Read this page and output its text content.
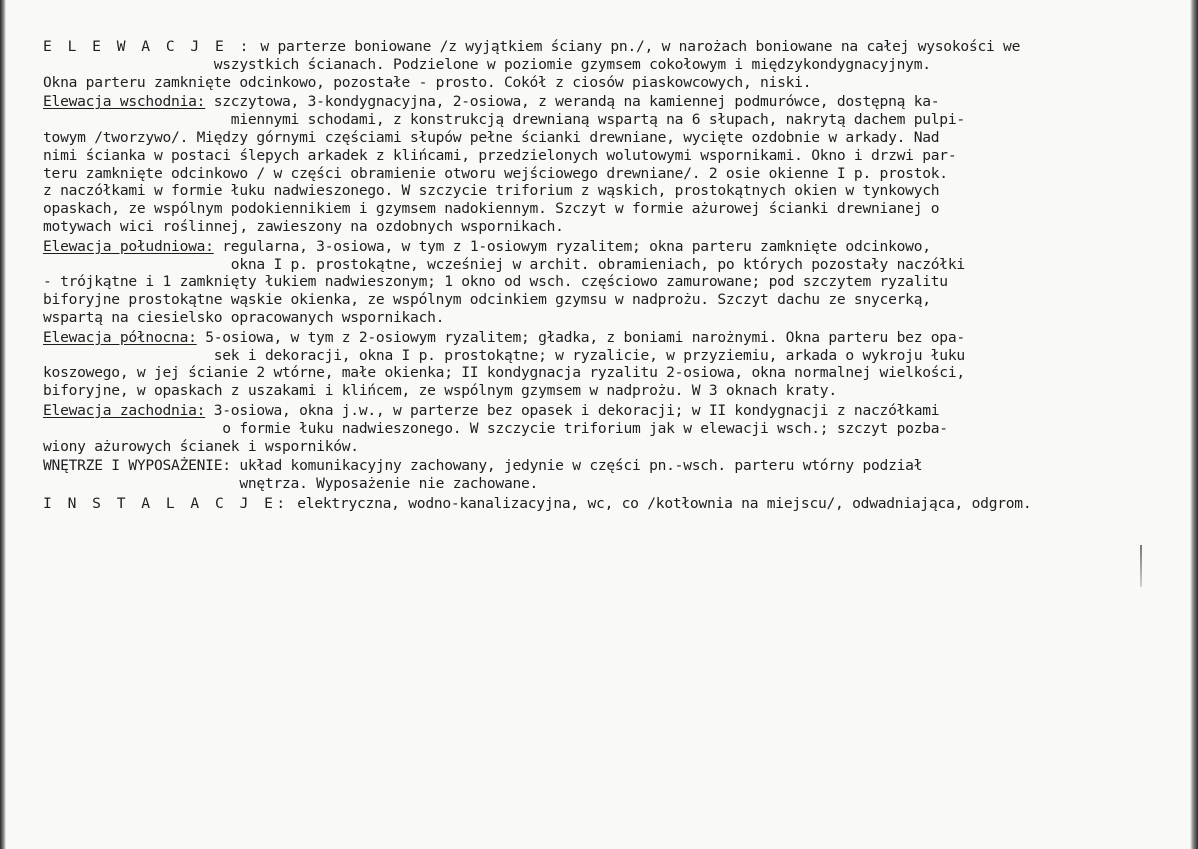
E L E W A C J E : w parterze boniowane /z wyjątkiem ściany pn./, w narożach boniowane na całej wysokości we
wszystkich ścianach. Podzielone w poziomie gzymsem cokołowym i międzykondygnacyjnym.
Okna parteru zamknięte odcinkowo, pozostałe - prosto. Cokół z ciosów piaskowcowych, niski.
Elewacja wschodnia: szczytowa, 3-kondygnacyjna, 2-osiowa, z werandą na kamiennej podmurówce, dostępną ka-
miennymi schodami, z konstrukcją drewnianą wspartą na 6 słupach, nakrytą dachem pulpi-
towym /tworzywo/. Między górnymi częściami słupów pełne ścianki drewniane, wycięte ozdobnie w arkady. Nad
nimi ścianka w postaci ślepych arkadek z klińcami, przedzielonych wolutowymi wspornikami. Okno i drzwi par-
teru zamknięte odcinkowo / w części obramienie otworu wejściowego drewniane/. 2 osie okienne I p. prostok.
z naczółkami w formie łuku nadwieszonego. W szczycie triforium z wąskich, prostokątnych okien w tynkowych
opaskach, ze wspólnym podokiennikiem i gzymsem nadokiennym. Szczyt w formie ażurowej ścianki drewnianej o
motywach wici roślinnej, zawieszony na ozdobnych wspornikach.
Elewacja południowa: regularna, 3-osiowa, w tym z 1-osiowym ryzalitem; okna parteru zamknięte odcinkowo,
okna I p. prostokątne, wcześniej w archit. obramieniach, po których pozostały naczółki
- trójkątne i 1 zamknięty łukiem nadwieszonym; 1 okno od wsch. częściowo zamurowane; pod szczytem ryzalitu
biforyjne prostokątne wąskie okienka, ze wspólnym odcinkiem gzymsu w nadprożu. Szczyt dachu ze snycerką,
wspartą na ciesielsko opracowanych wspornikach.
Elewacja północna: 5-osiowa, w tym z 2-osiowym ryzalitem; gładka, z boniami narożnymi. Okna parteru bez opa-
sek i dekoracji, okna I p. prostokątne; w ryzalicie, w przyziemiu, arkada o wykroju łuku
koszowego, w jej ścianie 2 wtórne, małe okienka; II kondygnacja ryzalitu 2-osiowa, okna normalnej wielkości,
biforyjne, w opaskach z uszakami i klińcem, ze wspólnym gzymsem w nadprożu. W 3 oknach kraty.
Elewacja zachodnia: 3-osiowa, okna j.w., w parterze bez opasek i dekoracji; w II kondygnacji z naczółkami
o formie łuku nadwieszonego. W szczycie triforium jak w elewacji wsch.; szczyt pozba-
wiony ażurowych ścianek i wsporników.
WNĘTRZE I WYPOSAŻENIE: układ komunikacyjny zachowany, jedynie w części pn.-wsch. parteru wtórny podział
wnętrza. Wyposażenie nie zachowane.
I N S T A L A C J E: elektryczna, wodno-kanalizacyjna, wc, co /kotłownia na miejscu/, odwadniająca, odgrom.
